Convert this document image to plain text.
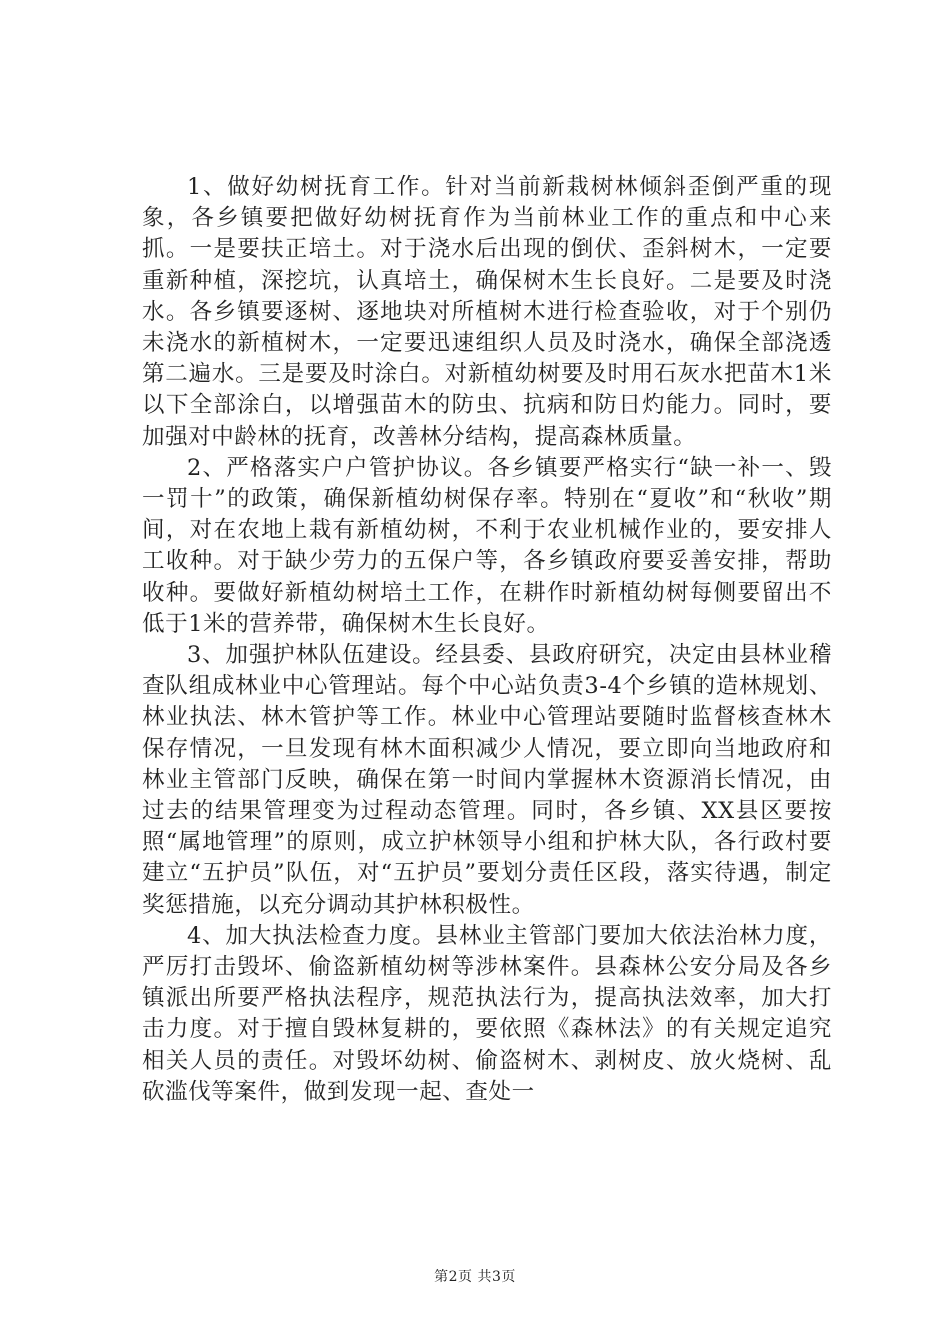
1、做好幼树抚育工作。针对当前新栽树林倾斜歪倒严重的现象，各乡镇要把做好幼树抚育作为当前林业工作的重点和中心来抓。一是要扶正培土。对于浇水后出现的倒伏、歪斜树木，一定要重新种植，深挖坑，认真培土，确保树木生长良好。二是要及时浇水。各乡镇要逐树、逐地块对所植树木进行检查验收，对于个别仍未浇水的新植树木，一定要迅速组织人员及时浇水，确保全部浇透第二遍水。三是要及时涂白。对新植幼树要及时用石灰水把苗木1米以下全部涂白，以增强苗木的防虫、抗病和防日灼能力。同时，要加强对中龄林的抚育，改善林分结构，提高森林质量。

2、严格落实户户管护协议。各乡镇要严格实行“缺一补一、毁一罚十”的政策，确保新植幼树保存率。特别在“夏收”和“秋收”期间，对在农地上栽有新植幼树，不利于农业机械作业的，要安排人工收种。对于缺少劳力的五保户等，各乡镇政府要妥善安排，帮助收种。要做好新植幼树培土工作，在耕作时新植幼树每侧要留出不低于1米的营养带，确保树木生长良好。

3、加强护林队伍建设。经县委、县政府研究，决定由县林业稽查队组成林业中心管理站。每个中心站负责3-4个乡镇的造林规划、林业执法、林木管护等工作。林业中心管理站要随时监督核查林木保存情况，一旦发现有林木面积减少人情况，要立即向当地政府和林业主管部门反映，确保在第一时间内掌握林木资源消长情况，由过去的结果管理变为过程动态管理。同时，各乡镇、XX县区要按照“属地管理”的原则，成立护林领导小组和护林大队，各行政村要建立“五护员”队伍，对“五护员”要划分责任区段，落实待遇，制定奖惩措施，以充分调动其护林积极性。

4、加大执法检查力度。县林业主管部门要加大依法治林力度，严厉打击毁坏、偷盗新植幼树等涉林案件。县森林公安分局及各乡镇派出所要严格执法程序，规范执法行为，提高执法效率，加大打击力度。对于擅自毁林复耕的，要依照《森林法》的有关规定追究相关人员的责任。对毁坏幼树、偷盗树木、剥树皮、放火烧树、乱砍滥伐等案件，做到发现一起、查处一

第2页 共3页
